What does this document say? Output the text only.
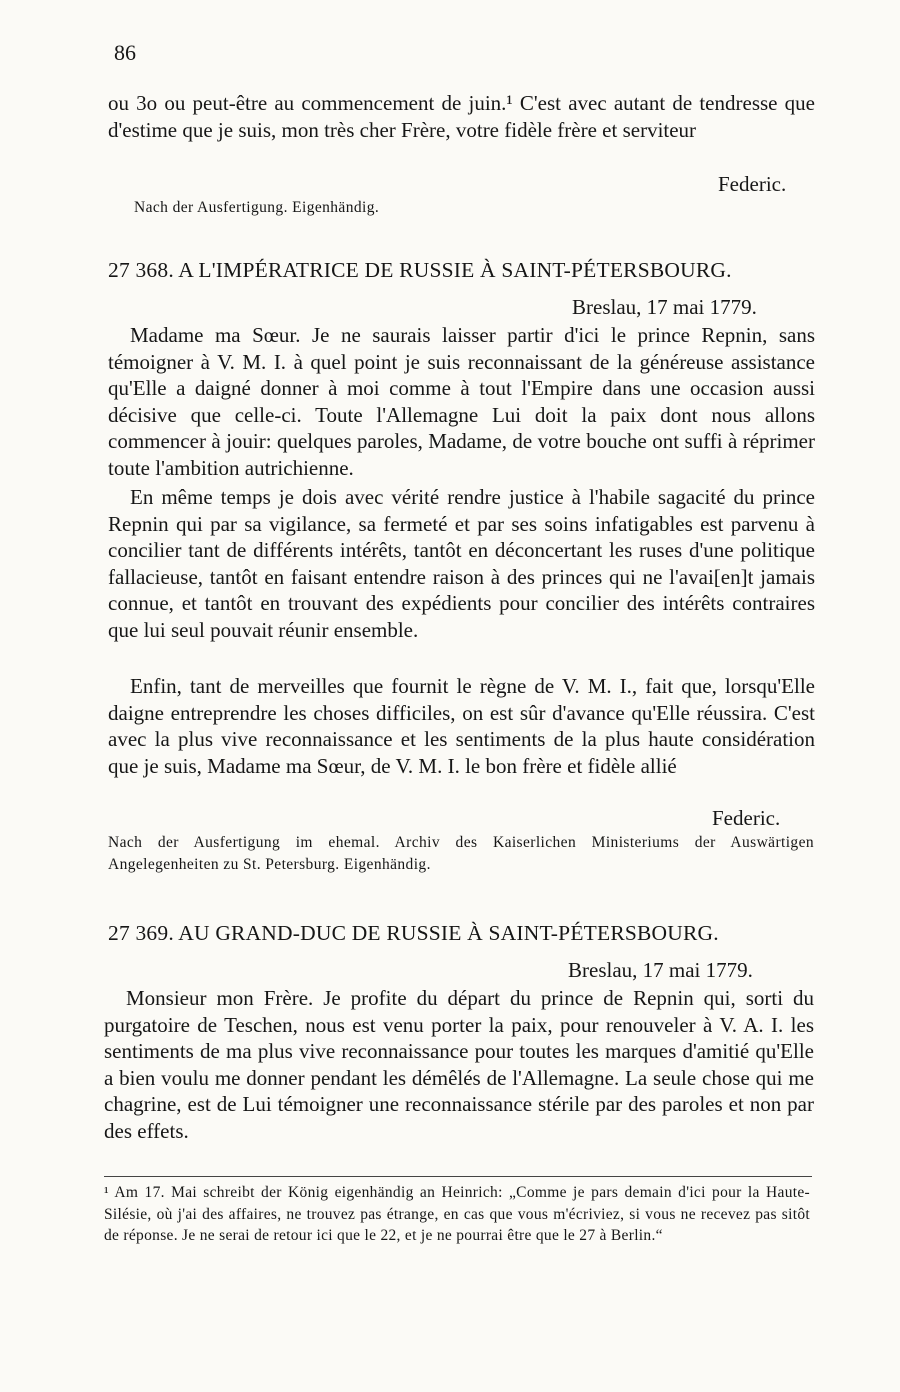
86

ou 3o ou peut-être au commencement de juin.¹ C'est avec autant de tendresse que d'estime que je suis, mon très cher Frère, votre fidèle frère et serviteur

Federic.
Nach der Ausfertigung. Eigenhändig.
27 368. A L'IMPÉRATRICE DE RUSSIE À SAINT-PÉTERSBOURG.
Breslau, 17 mai 1779.

Madame ma Sœur. Je ne saurais laisser partir d'ici le prince Repnin, sans témoigner à V. M. I. à quel point je suis reconnaissant de la généreuse assistance qu'Elle a daigné donner à moi comme à tout l'Empire dans une occasion aussi décisive que celle-ci. Toute l'Allemagne Lui doit la paix dont nous allons commencer à jouir: quelques paroles, Madame, de votre bouche ont suffi à réprimer toute l'ambition autrichienne.

En même temps je dois avec vérité rendre justice à l'habile sagacité du prince Repnin qui par sa vigilance, sa fermeté et par ses soins infatigables est parvenu à concilier tant de différents intérêts, tantôt en déconcertant les ruses d'une politique fallacieuse, tantôt en faisant entendre raison à des princes qui ne l'avai[en]t jamais connue, et tantôt en trouvant des expédients pour concilier des intérêts contraires que lui seul pouvait réunir ensemble.

Enfin, tant de merveilles que fournit le règne de V. M. I., fait que, lorsqu'Elle daigne entreprendre les choses difficiles, on est sûr d'avance qu'Elle réussira. C'est avec la plus vive reconnaissance et les sentiments de la plus haute considération que je suis, Madame ma Sœur, de V. M. I. le bon frère et fidèle allié

Federic.
Nach der Ausfertigung im ehemal. Archiv des Kaiserlichen Ministeriums der Auswärtigen Angelegenheiten zu St. Petersburg. Eigenhändig.
27 369. AU GRAND-DUC DE RUSSIE À SAINT-PÉTERSBOURG.
Breslau, 17 mai 1779.

Monsieur mon Frère. Je profite du départ du prince de Repnin qui, sorti du purgatoire de Teschen, nous est venu porter la paix, pour renouveler à V. A. I. les sentiments de ma plus vive reconnaissance pour toutes les marques d'amitié qu'Elle a bien voulu me donner pendant les démêlés de l'Allemagne. La seule chose qui me chagrine, est de Lui témoigner une reconnaissance stérile par des paroles et non par des effets.

¹ Am 17. Mai schreibt der König eigenhändig an Heinrich: „Comme je pars demain d'ici pour la Haute-Silésie, où j'ai des affaires, ne trouvez pas étrange, en cas que vous m'écriviez, si vous ne recevez pas sitôt de réponse. Je ne serai de retour ici que le 22, et je ne pourrai être que le 27 à Berlin.“
